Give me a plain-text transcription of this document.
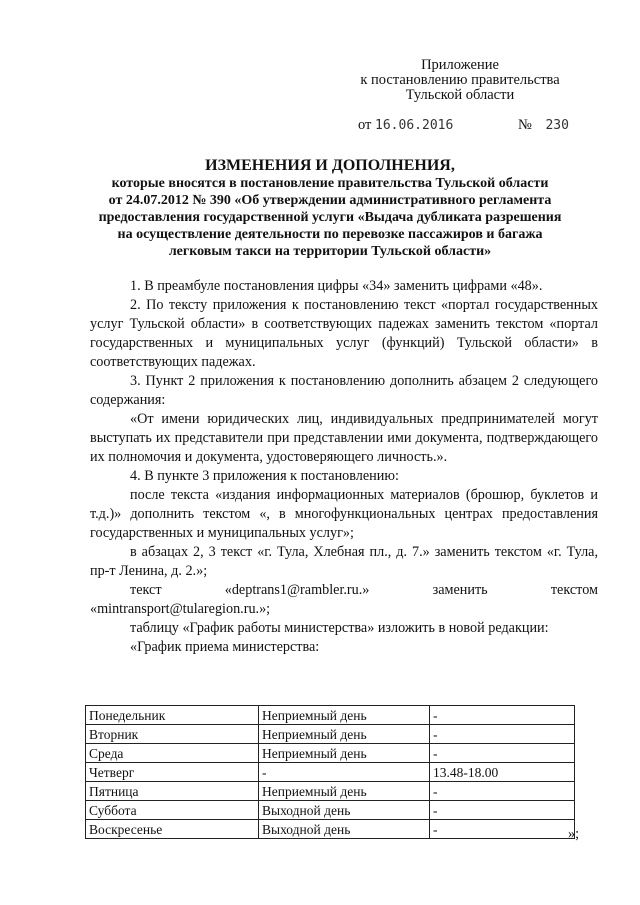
Приложение
к постановлению правительства
Тульской области
от 16.06.2016	№ 230
ИЗМЕНЕНИЯ И ДОПОЛНЕНИЯ,
которые вносятся в постановление правительства Тульской области
от 24.07.2012 № 390 «Об утверждении административного регламента
предоставления государственной услуги «Выдача дубликата разрешения
на осуществление деятельности по перевозке пассажиров и багажа
легковым такси на территории Тульской области»

1. В преамбуле постановления цифры «34» заменить цифрами «48».

2. По тексту приложения к постановлению текст «портал государственных услуг Тульской области» в соответствующих падежах заменить текстом «портал государственных и муниципальных услуг (функций) Тульской области» в соответствующих падежах.

3. Пункт 2 приложения к постановлению дополнить абзацем 2 следующего содержания:

«От имени юридических лиц, индивидуальных предпринимателей могут выступать их представители при представлении ими документа, подтверждающего их полномочия и документа, удостоверяющего личность.».

4. В пункте 3 приложения к постановлению:

после текста «издания информационных материалов (брошюр, буклетов и т.д.)» дополнить текстом «, в многофункциональных центрах предоставления государственных и муниципальных услуг»;

в абзацах 2, 3 текст «г. Тула, Хлебная пл., д. 7.» заменить текстом «г. Тула, пр-т Ленина, д. 2.»;

текст «deptrans1@rambler.ru.» заменить текстом «mintransport@tularegion.ru.»;

таблицу «График работы министерства» изложить в новой редакции:

«График приема министерства:

Понедельник	Неприемный день	-
Вторник	Неприемный день	-
Среда	Неприемный день	-
Четверг	-	13.48-18.00
Пятница	Неприемный день	-
Суббота	Выходной день	-
Воскресенье	Выходной день	-	»;
